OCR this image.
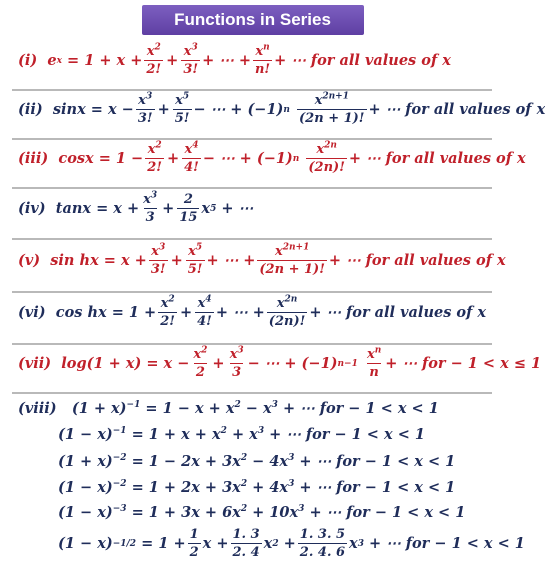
Functions in Series
(i)
e x
= $1 + x + \frac{x^2}{2!} + \frac{x^3}{3!}$ + ⋯ + $\frac{x^n}{n!}$ + ⋯ for all values of x
(ii)
$\sin x = x - \frac{x^3}{3!} + \frac{x^5}{5!}$ − ⋯ + (−1) n
$\frac{x^{2n+1}}{(2n + 1)!}$ + ⋯ for all values of x
(iii)
$\cos x = 1 - \frac{x^2}{2!} + \frac{x^4}{4!}$ − ⋯ + (−1) n
$\frac{x^{2n}}{(2n)!}$ + ⋯ for all values of x
(iv)
$\tan x = x + \frac{x^3}{3} + \frac{2}{15}$ x 5
+ ⋯
(v)
sin hx = $x + \frac{x^3}{3!} + \frac{x^5}{5!}$ + ⋯ + $\frac{x^{2n+1}}{(2n + 1)!}$ + ⋯ for all values of x
(vi)
cos hx = $1 + \frac{x^2}{2!} + \frac{x^4}{4!}$ + ⋯ + $\frac{x^{2n}}{(2n)!}$ + ⋯ for all values of x
(vii)
$\log(1 + x) = x - \frac{x^2}{2} + \frac{x^3}{3}$ − ⋯ + (−1) n−1
$\frac{x^n}{n}$ + ⋯ for − 1 < x ≤ 1
(viii) $(1 + x)^{-1} = 1 - x + x^2 - x^3$ + ⋯ for − 1 < x < 1
$(1 - x)^{-1} = 1 + x + x^2 + x^3$ + ⋯ for − 1 < x < 1
$(1 + x)^{-2} = 1 - 2x + 3x^2 - 4x^3$ + ⋯ for − 1 < x < 1
$(1 - x)^{-2} = 1 + 2x + 3x^2 + 4x^3$ + ⋯ for − 1 < x < 1
$(1 - x)^{-3} = 1 + 3x + 6x^2 + 10x^3$ + ⋯ for − 1 < x < 1
(1 − x) −1/2
= $1 + \frac{1}{2}$ $x + \frac{1. 3}{2. 4}$ x 2
+ $\frac{1. 3. 5}{2. 4. 6}$ x 3
+ ⋯ for − 1 < x < 1
